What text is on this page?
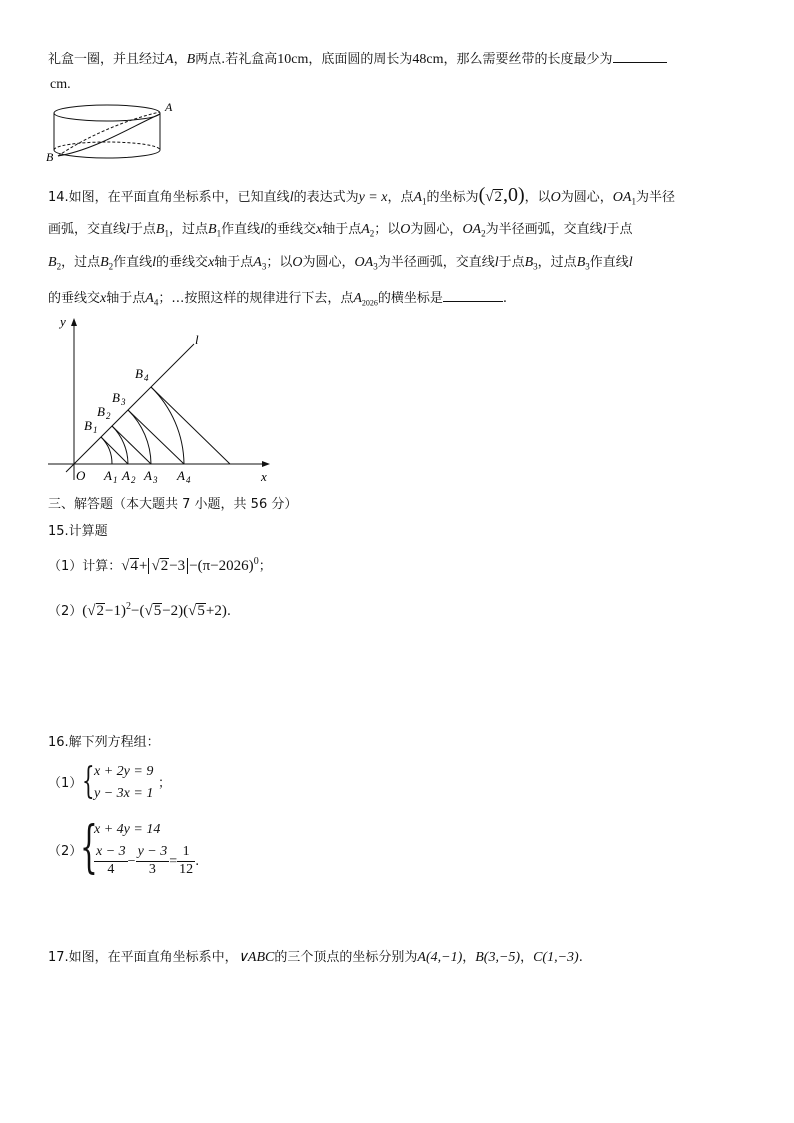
礼盒一圈，并且经过A，B两点.若礼盒高10cm，底面圆的周长为48cm，那么需要丝带的长度最少为
cm.
A
B
14.如图，在平面直角坐标系中，已知直线l的表达式为y = x，点$A_1$的坐标为(√2,0)，以O为圆心，$OA_1$为半径
画弧，交直线l于点$B_1$，过点$B_1$作直线l的垂线交x轴于点$A_2$；以O为圆心，$OA_2$为半径画弧，交直线l于点
$B_2$，过点$B_2$作直线l的垂线交x轴于点$A_3$；以O为圆心，$OA_3$为半径画弧，交直线l于点$B_3$，过点$B_3$作直线l
的垂线交x轴于点$A_4$；…按照这样的规律进行下去，点$A_{2026}$的横坐标是	.
y
l
x
O
B 1
B 2
B 3
B 4
A 1 A 2 A 3 A 4
三、解答题（本大题共 7 小题，共 56 分）
15.计算题
（1）计算：$√4+ √2-3 -(\pi-2026)^0$；
$(2)(√2-1)^2-(√5-2)(√5+2)$.
16.解下列方程组：
（1） { x + 2y = 9
y − 3x = 1
；
（2）
{
x + 4y = 14
$\frac{x - 3}{4} - \frac{y - 3}{3} = \frac{1}{12}$ .
17.如图，在平面直角坐标系中，∨ABC的三个顶点的坐标分别为A(4,−1)，B(3,−5)，C(1,−3).
